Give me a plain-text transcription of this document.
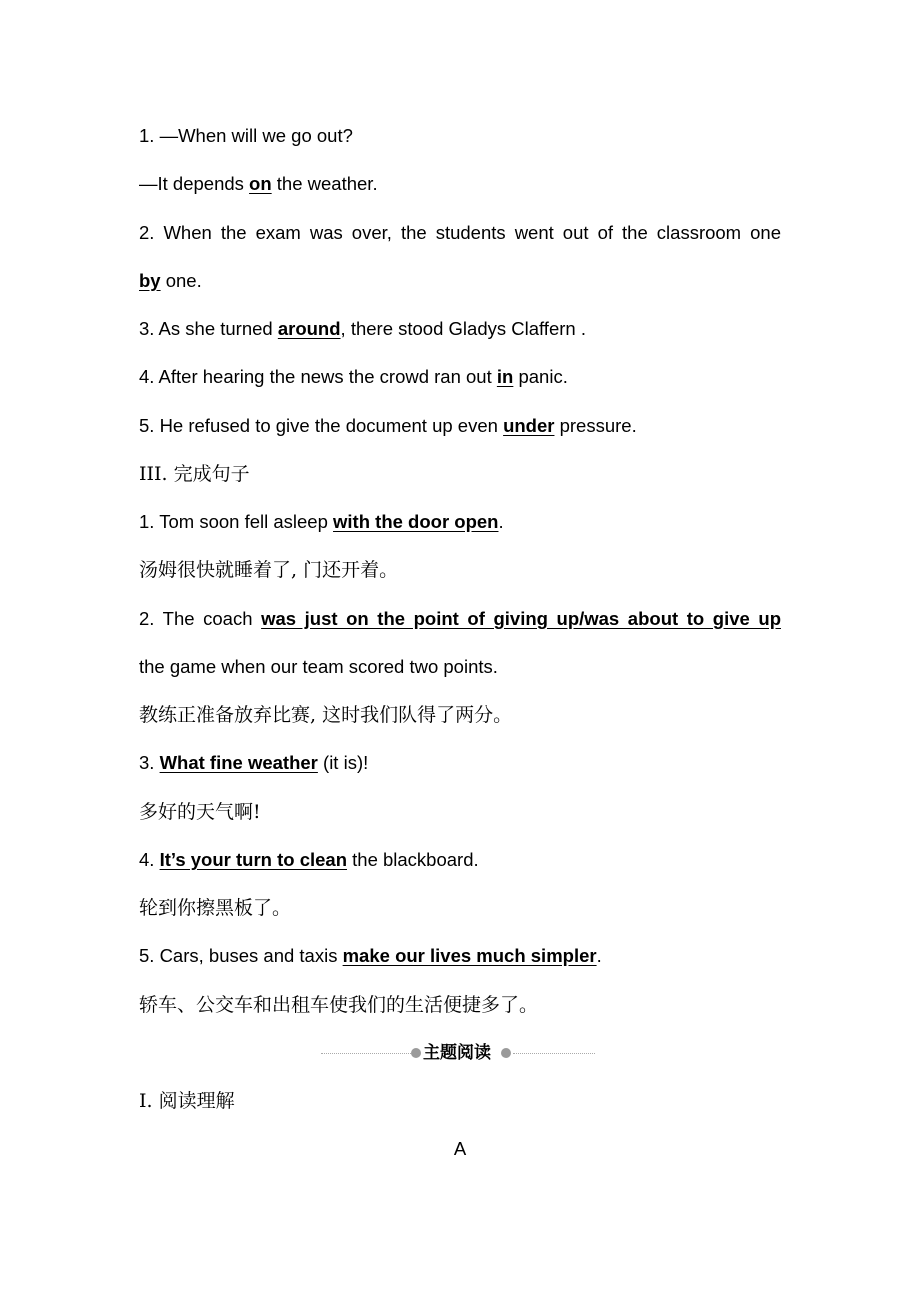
1. —When will we go out?
—It depends on the weather.
2. When the exam was over, the students went out of the classroom one
by one.
3. As she turned around, there stood Gladys Claffern .
4. After hearing the news the crowd ran out in panic.
5. He refused to give the document up even under pressure.
III. 完成句子
1. Tom soon fell asleep with the door open.
汤姆很快就睡着了, 门还开着。
2. The coach was just on the point of giving up/was about to give up
the game when our team scored two points.
教练正准备放弃比赛, 这时我们队得了两分。
3. What fine weather (it is)!
多好的天气啊!
4. It’s your turn to clean the blackboard.
轮到你擦黑板了。
5. Cars, buses and taxis make our lives much simpler.
轿车、公交车和出租车使我们的生活便捷多了。
主题阅读
Ⅰ. 阅读理解
A
